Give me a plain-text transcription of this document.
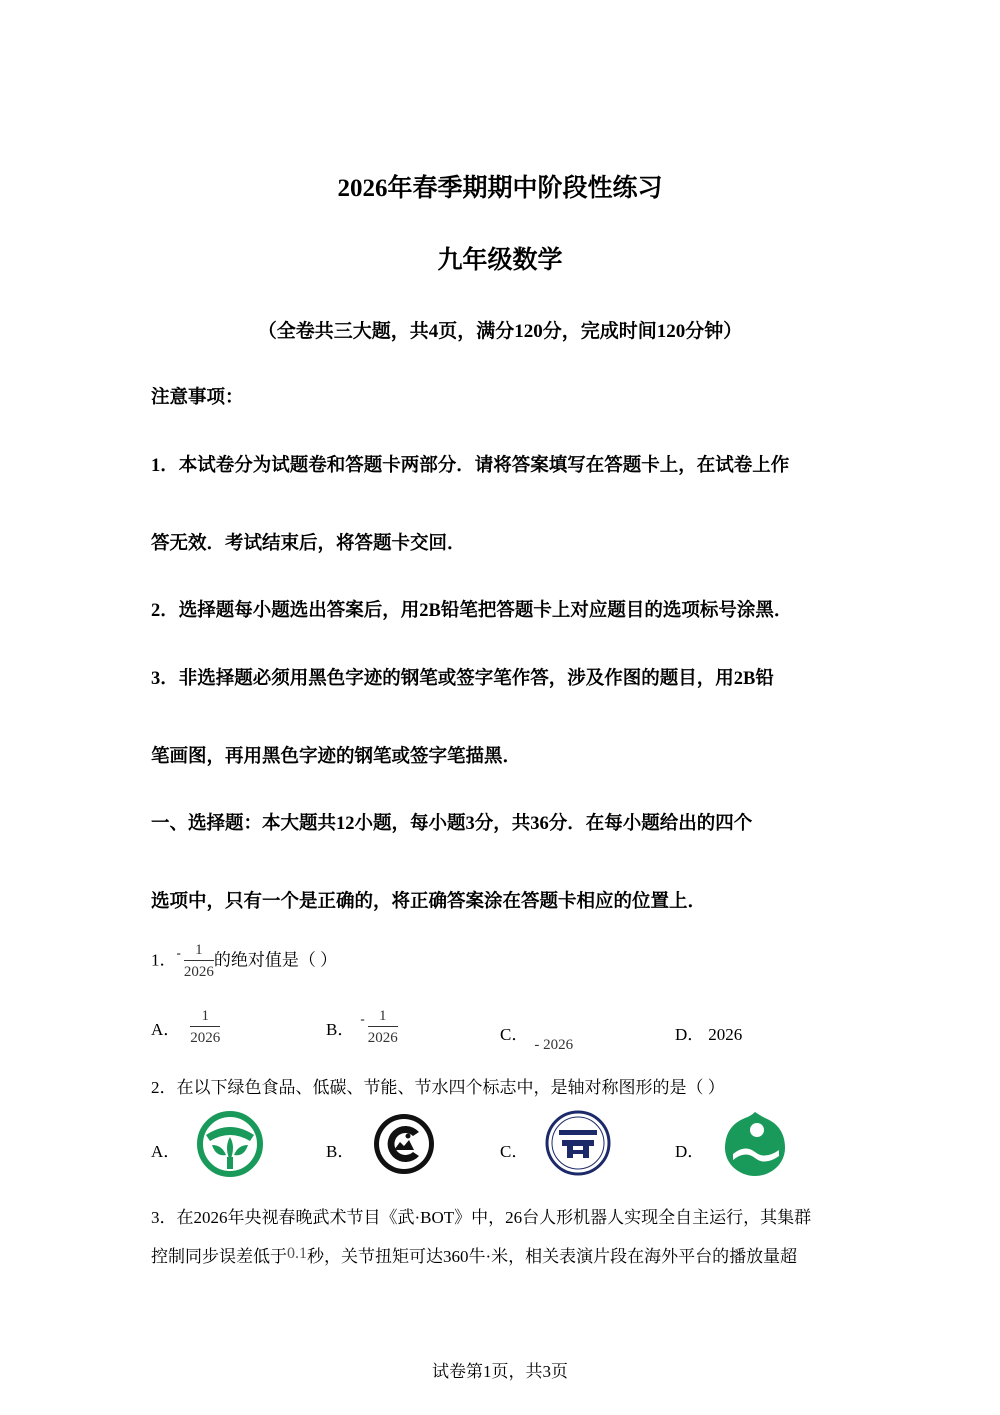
2026年春季期期中阶段性练习
九年级数学
（全卷共三大题，共4页，满分120分，完成时间120分钟）
注意事项：
1．本试卷分为试题卷和答题卡两部分．请将答案填写在答题卡上，在试卷上作
答无效．考试结束后，将答题卡交回．
2．选择题每小题选出答案后，用2B铅笔把答题卡上对应题目的选项标号涂黑．
3．非选择题必须用黑色字迹的钢笔或签字笔作答，涉及作图的题目，用2B铅
笔画图，再用黑色字迹的钢笔或签字笔描黑．
一、选择题：本大题共12小题，每小题3分，共36分．在每小题给出的四个
选项中，只有一个是正确的，将正确答案涂在答题卡相应的位置上．
1．$^- \frac{1}{2026}$ 的绝对值是（ ）
A． $\frac{1}{2026}$	B．$^- \frac{1}{2026}$	C．- 2026
D． 2026
2．在以下绿色食品、低碳、节能、节水四个标志中，是轴对称图形的是（ ）
A．	B．	C．	D．
3．在2026年央视春晚武术节目《武·BOT》中，26台人形机器人实现全自主运行，其集群
控制同步误差低于0.1秒，关节扭矩可达360牛·米，相关表演片段在海外平台的播放量超
试卷第1页，共3页
